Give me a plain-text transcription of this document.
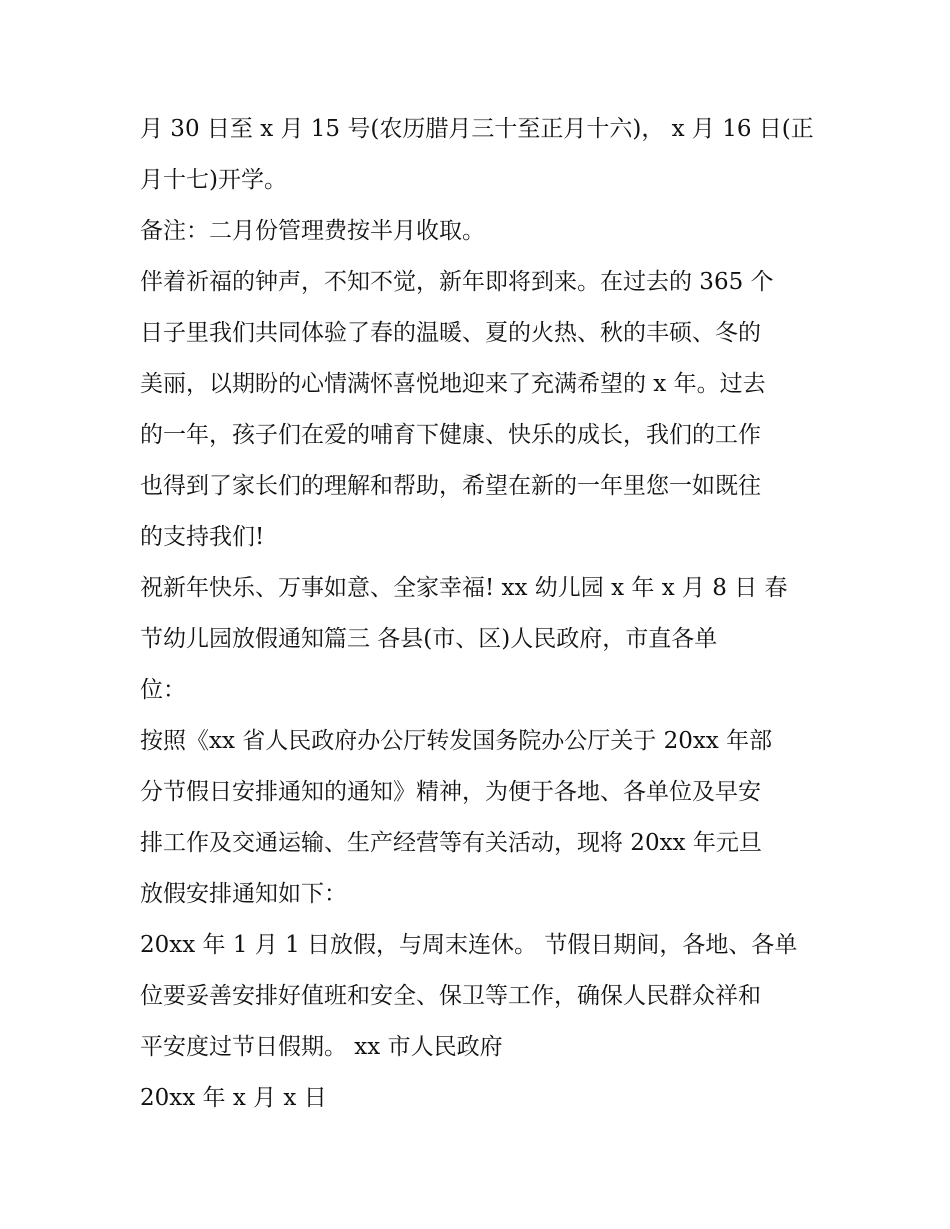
月 30 日至 x 月 15 号(农历腊月三十至正月十六)， x 月 16 日(正
月十七)开学。
备注：二月份管理费按半月收取。
伴着祈福的钟声，不知不觉，新年即将到来。在过去的 365 个
日子里我们共同体验了春的温暖、夏的火热、秋的丰硕、冬的
美丽，以期盼的心情满怀喜悦地迎来了充满希望的 x 年。过去
的一年，孩子们在爱的哺育下健康、快乐的成长，我们的工作
也得到了家长们的理解和帮助，希望在新的一年里您一如既往
的支持我们!
祝新年快乐、万事如意、全家幸福! xx 幼儿园 x 年 x 月 8 日 春
节幼儿园放假通知篇三 各县(市、区)人民政府，市直各单
位：
按照《xx 省人民政府办公厅转发国务院办公厅关于 20xx 年部
分节假日安排通知的通知》精神，为便于各地、各单位及早安
排工作及交通运输、生产经营等有关活动，现将 20xx 年元旦
放假安排通知如下：
20xx 年 1 月 1 日放假，与周末连休。 节假日期间，各地、各单
位要妥善安排好值班和安全、保卫等工作，确保人民群众祥和
平安度过节日假期。 xx 市人民政府
20xx 年 x 月 x 日
